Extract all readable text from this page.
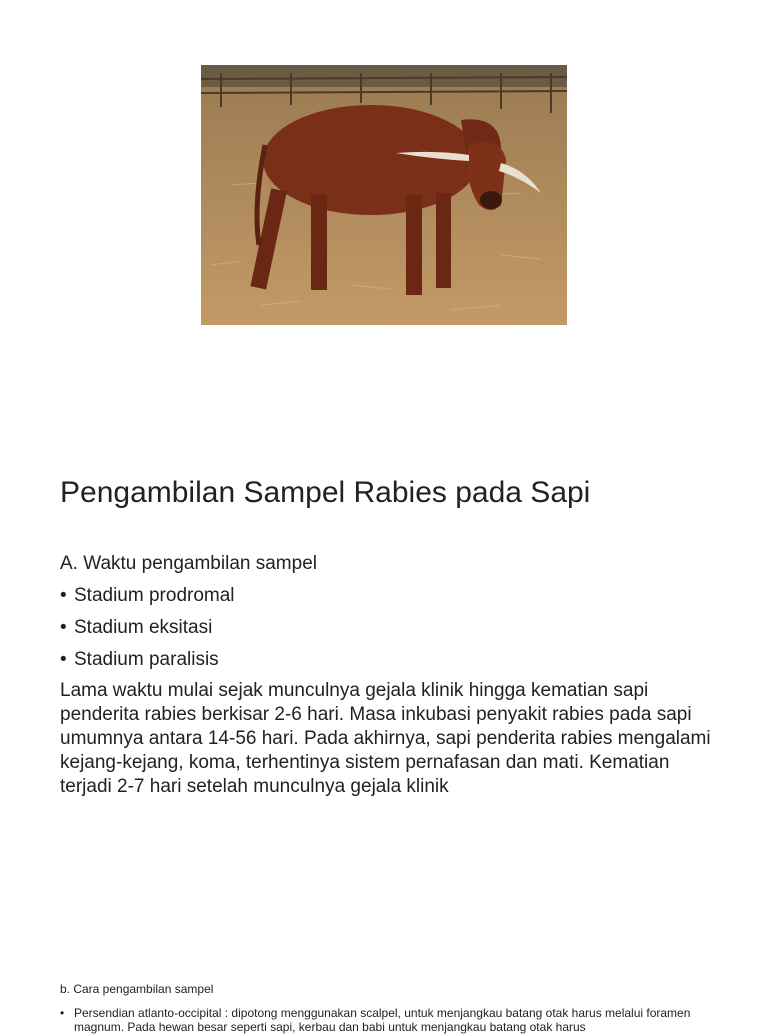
Pengambilan Sampel Rabies pada Sapi

A. Waktu pengambilan sampel

• Stadium prodromal
• Stadium eksitasi
• Stadium paralisis

Lama waktu mulai sejak munculnya gejala klinik hingga kematian sapi penderita rabies berkisar 2-6 hari. Masa inkubasi penyakit rabies pada sapi umumnya antara 14-56 hari. Pada akhirnya, sapi penderita rabies mengalami kejang-kejang, koma, terhentinya sistem pernafasan dan mati. Kematian terjadi 2-7 hari setelah munculnya gejala klinik

b. Cara pengambilan sampel

• Persendian atlanto-occipital : dipotong menggunakan scalpel, untuk menjangkau batang otak harus melalui foramen magnum. Pada hewan besar seperti sapi, kerbau dan babi untuk menjangkau batang otak harus
